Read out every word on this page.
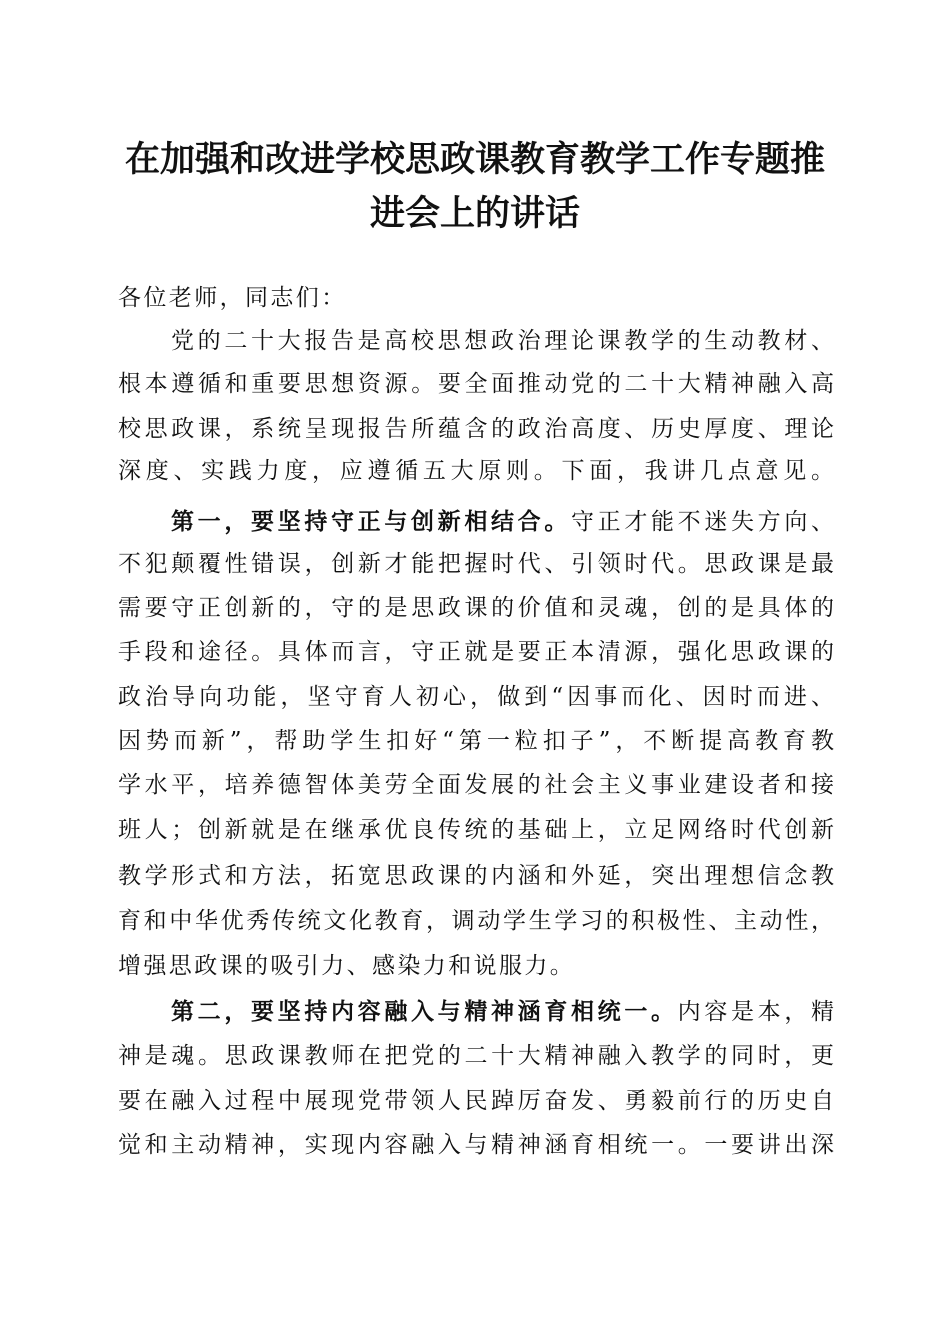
在加强和改进学校思政课教育教学工作专题推
进会上的讲话
各位老师，同志们：
党的二十大报告是高校思想政治理论课教学的生动教材、
根本遵循和重要思想资源。要全面推动党的二十大精神融入高
校思政课，系统呈现报告所蕴含的政治高度、历史厚度、理论
深度、实践力度，应遵循五大原则。下面，我讲几点意见。
第一，要坚持守正与创新相结合。守正才能不迷失方向、
不犯颠覆性错误，创新才能把握时代、引领时代。思政课是最
需要守正创新的，守的是思政课的价值和灵魂，创的是具体的
手段和途径。具体而言，守正就是要正本清源，强化思政课的
政治导向功能，坚守育人初心，做到“因事而化、因时而进、
因势而新”，帮助学生扣好“第一粒扣子”，不断提高教育教
学水平，培养德智体美劳全面发展的社会主义事业建设者和接
班人；创新就是在继承优良传统的基础上，立足网络时代创新
教学形式和方法，拓宽思政课的内涵和外延，突出理想信念教
育和中华优秀传统文化教育，调动学生学习的积极性、主动性，
增强思政课的吸引力、感染力和说服力。
第二，要坚持内容融入与精神涵育相统一。内容是本，精
神是魂。思政课教师在把党的二十大精神融入教学的同时，更
要在融入过程中展现党带领人民踔厉奋发、勇毅前行的历史自
觉和主动精神，实现内容融入与精神涵育相统一。一要讲出深
